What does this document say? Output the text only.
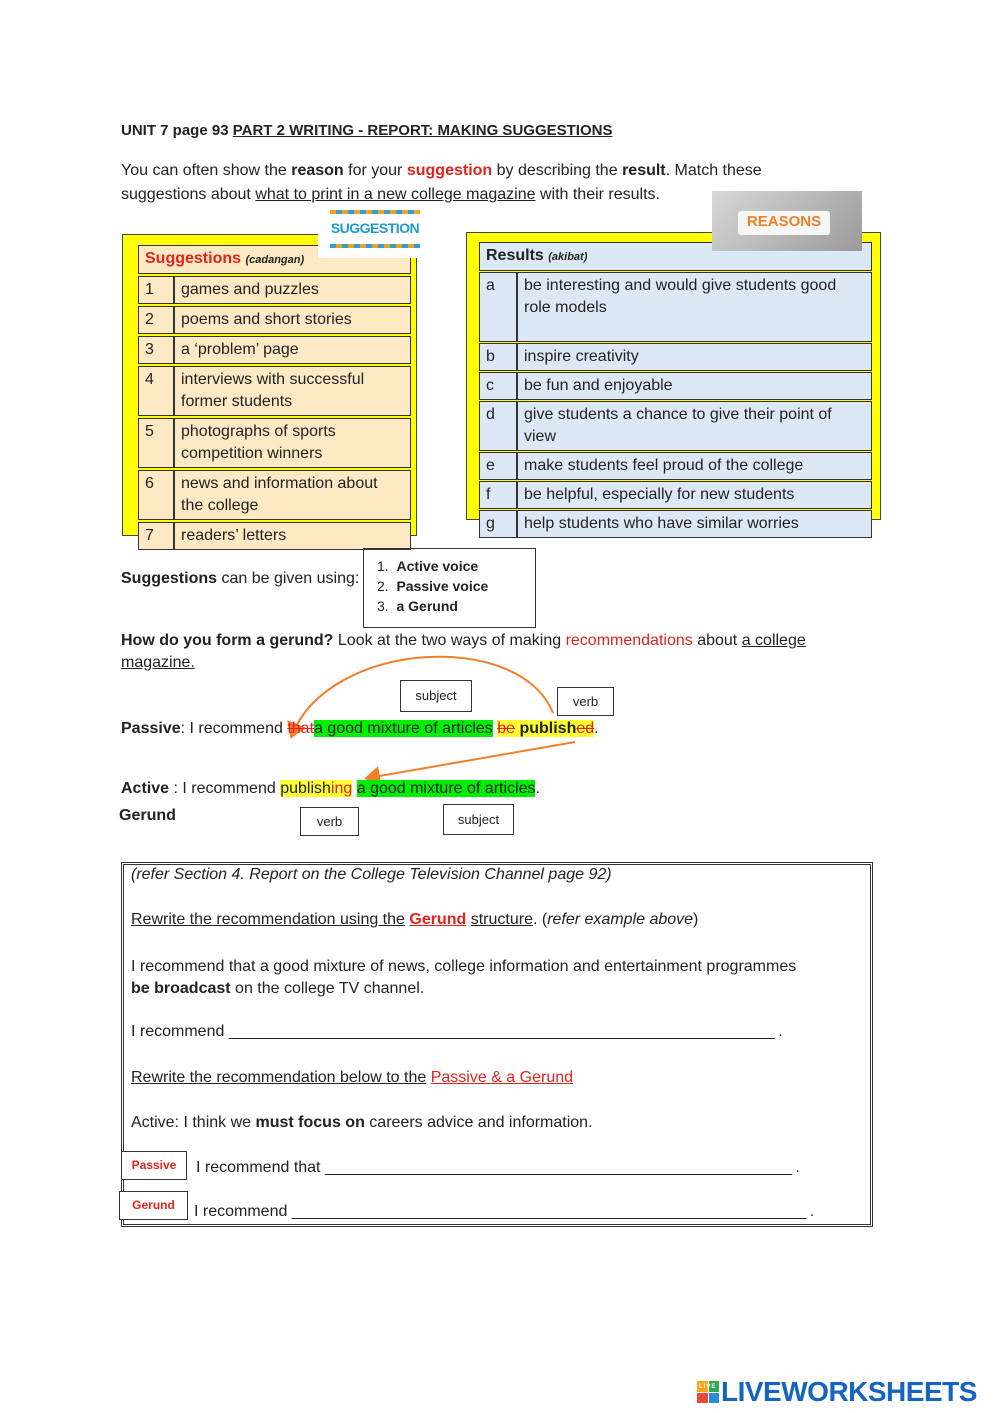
UNIT 7 page 93 PART 2 WRITING - REPORT: MAKING SUGGESTIONS
You can often show the reason for your suggestion by describing the result. Match these
suggestions about what to print in a new college magazine with their results.
Suggestions (cadangan)	
1	games and puzzles
2	poems and short stories
3	a ‘problem’ page
4	interviews with successful former students
5	photographs of sports competition winners
6	news and information about the college
7	readers’ letters
SUGGESTION
Results (akibat)	
a	be interesting and would give students good role models
b	inspire creativity
c	be fun and enjoyable
d	give students a chance to give their point of view
e	make students feel proud of the college
f	be helpful, especially for new students
g	help students who have similar worries
REASONS
Suggestions can be given using:
1.  Active voice
2.  Passive voice
3.  a Gerund
How do you form a gerund? Look at the two ways of making recommendations about a college magazine.
subject	verb
Passive: I recommend thata good mixture of articles be published.
Active : I recommend publishing a good mixture of articles.
Gerund	verb	subject
(refer Section 4. Report on the College Television Channel page 92)
Rewrite the recommendation using the Gerund structure. (refer example above)
I recommend that a good mixture of news, college information and entertainment programmes
be broadcast on the college TV channel.
I recommend _____________________________________________________________________ .
Rewrite the recommendation below to the Passive & a Gerund
Active: I think we must focus on careers advice and information.
Passive	I recommend that ___________________________________________________________ .
Gerund	I recommend _________________________________________________________________ .
LIVE LIVEWORKSHEETS
